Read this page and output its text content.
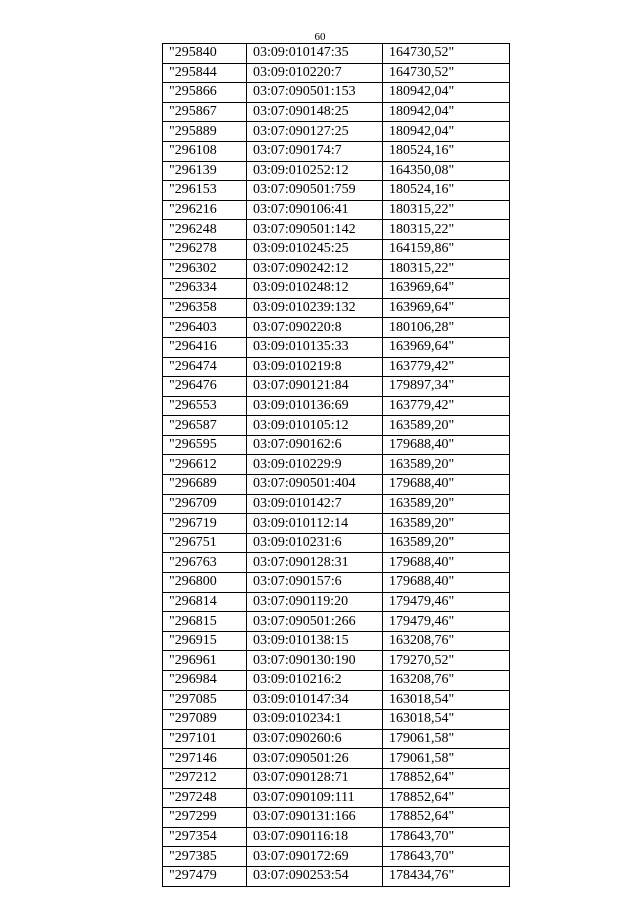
60
"295840	03:09:010147:35	164730,52"
"295844	03:09:010220:7	164730,52"
"295866	03:07:090501:153	180942,04"
"295867	03:07:090148:25	180942,04"
"295889	03:07:090127:25	180942,04"
"296108	03:07:090174:7	180524,16"
"296139	03:09:010252:12	164350,08"
"296153	03:07:090501:759	180524,16"
"296216	03:07:090106:41	180315,22"
"296248	03:07:090501:142	180315,22"
"296278	03:09:010245:25	164159,86"
"296302	03:07:090242:12	180315,22"
"296334	03:09:010248:12	163969,64"
"296358	03:09:010239:132	163969,64"
"296403	03:07:090220:8	180106,28"
"296416	03:09:010135:33	163969,64"
"296474	03:09:010219:8	163779,42"
"296476	03:07:090121:84	179897,34"
"296553	03:09:010136:69	163779,42"
"296587	03:09:010105:12	163589,20"
"296595	03:07:090162:6	179688,40"
"296612	03:09:010229:9	163589,20"
"296689	03:07:090501:404	179688,40"
"296709	03:09:010142:7	163589,20"
"296719	03:09:010112:14	163589,20"
"296751	03:09:010231:6	163589,20"
"296763	03:07:090128:31	179688,40"
"296800	03:07:090157:6	179688,40"
"296814	03:07:090119:20	179479,46"
"296815	03:07:090501:266	179479,46"
"296915	03:09:010138:15	163208,76"
"296961	03:07:090130:190	179270,52"
"296984	03:09:010216:2	163208,76"
"297085	03:09:010147:34	163018,54"
"297089	03:09:010234:1	163018,54"
"297101	03:07:090260:6	179061,58"
"297146	03:07:090501:26	179061,58"
"297212	03:07:090128:71	178852,64"
"297248	03:07:090109:111	178852,64"
"297299	03:07:090131:166	178852,64"
"297354	03:07:090116:18	178643,70"
"297385	03:07:090172:69	178643,70"
"297479	03:07:090253:54	178434,76"
